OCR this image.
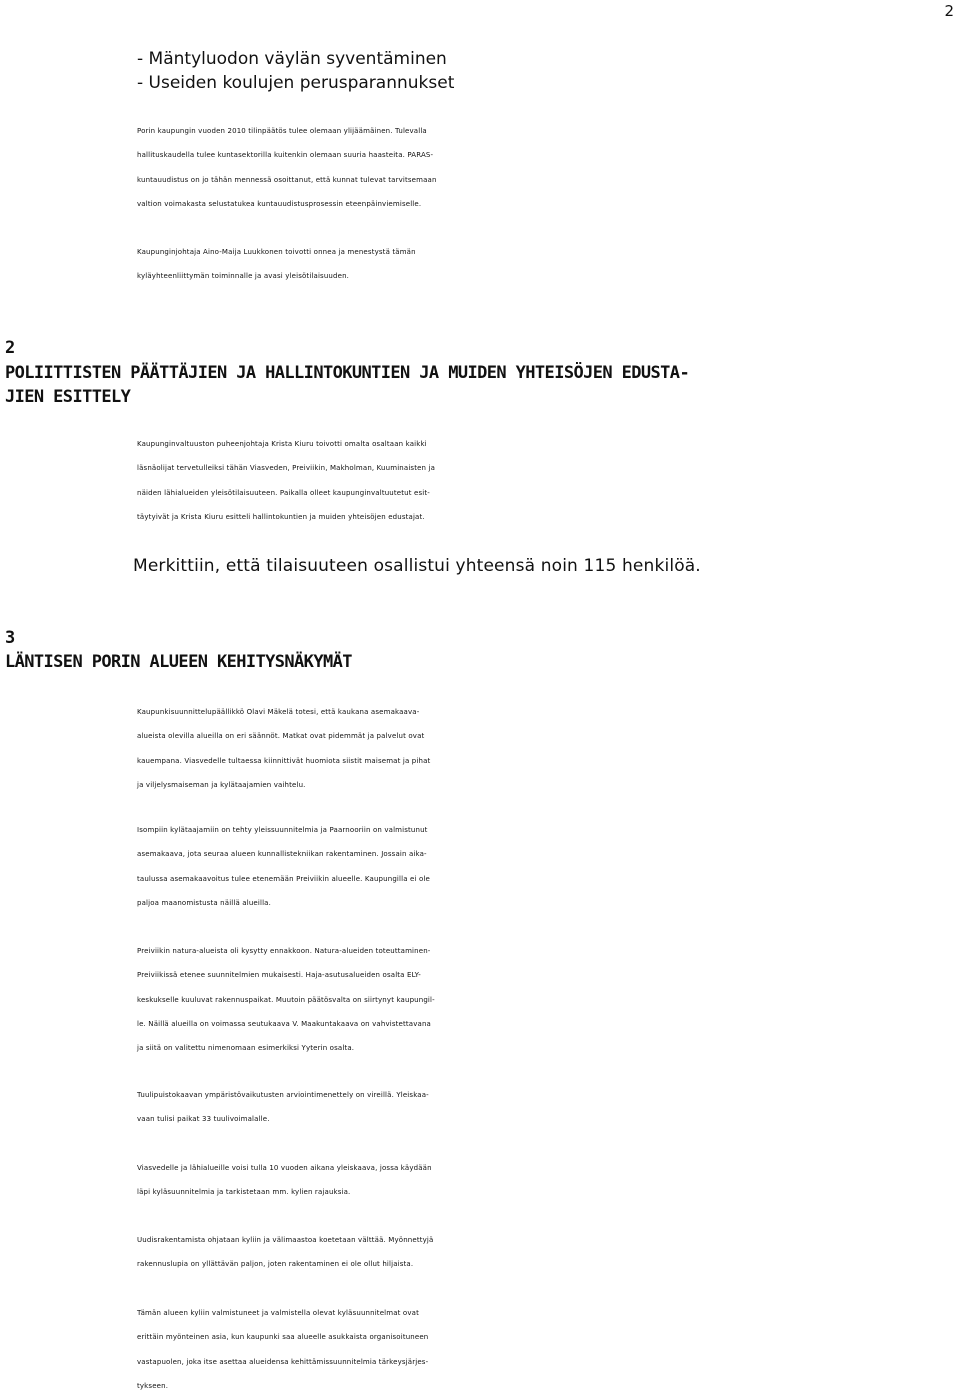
2
- Mäntyluodon väylän syventäminen
- Useiden koulujen perusparannukset
Porin kaupungin vuoden 2010 tilinpäätös tulee olemaan ylijäämäinen. Tulevalla
hallituskaudella tulee kuntasektorilla kuitenkin olemaan suuria haasteita. PARAS-
kuntauudistus on jo tähän mennessä osoittanut, että kunnat tulevat tarvitsemaan
valtion voimakasta selustatukea kuntauudistusprosessin eteenpäinviemiselle.
Kaupunginjohtaja Aino-Maija Luukkonen toivotti onnea ja menestystä tämän
kyläyhteenliittymän toiminnalle ja avasi yleisötilaisuuden.
2
POLIITTISTEN PÄÄTTÄJIEN JA HALLINTOKUNTIEN JA MUIDEN YHTEISÖJEN EDUSTA-
JIEN ESITTELY
Kaupunginvaltuuston puheenjohtaja Krista Kiuru toivotti omalta osaltaan kaikki
läsnäolijat tervetulleiksi tähän Viasveden, Preiviikin, Makholman, Kuuminaisten ja
näiden lähialueiden yleisötilaisuuteen. Paikalla olleet kaupunginvaltuutetut esit-
täytyivät ja Krista Kiuru esitteli hallintokuntien ja muiden yhteisöjen edustajat.
Merkittiin, että tilaisuuteen osallistui yhteensä noin 115 henkilöä.
3
LÄNTISEN PORIN ALUEEN KEHITYSNÄKYMÄT
Kaupunkisuunnittelupäällikkö Olavi Mäkelä totesi, että kaukana asemakaava-
alueista olevilla alueilla on eri säännöt. Matkat ovat pidemmät ja palvelut ovat
kauempana. Viasvedelle tultaessa kiinnittivät huomiota siistit maisemat ja pihat
ja viljelysmaiseman ja kylätaajamien vaihtelu.
Isompiin kylätaajamiin on tehty yleissuunnitelmia ja Paarnooriin on valmistunut
asemakaava, jota seuraa alueen kunnallistekniikan rakentaminen. Jossain aika-
taulussa asemakaavoitus tulee etenemään Preiviikin alueelle. Kaupungilla ei ole
paljoa maanomistusta näillä alueilla.
Preiviikin natura-alueista oli kysytty ennakkoon. Natura-alueiden toteuttaminen-
Preiviikissä etenee suunnitelmien mukaisesti. Haja-asutusalueiden osalta ELY-
keskukselle kuuluvat rakennuspaikat. Muutoin päätösvalta on siirtynyt kaupungil-
le. Näillä alueilla on voimassa seutukaava V. Maakuntakaava on vahvistettavana
ja siitä on valitettu nimenomaan esimerkiksi Yyterin osalta.
Tuulipuistokaavan ympäristövaikutusten arviointimenettely on vireillä. Yleiskaa-
vaan tulisi paikat 33 tuulivoimalalle.
Viasvedelle ja lähialueille voisi tulla 10 vuoden aikana yleiskaava, jossa käydään
läpi kyläsuunnitelmia ja tarkistetaan mm. kylien rajauksia.
Uudisrakentamista ohjataan kyliin ja välimaastoa koetetaan välttää. Myönnettyjä
rakennuslupia on yllättävän paljon, joten rakentaminen ei ole ollut hiljaista.
Tämän alueen kyliin valmistuneet ja valmistella olevat kyläsuunnitelmat ovat
erittäin myönteinen asia, kun kaupunki saa alueelle asukkaista organisoituneen
vastapuolen, joka itse asettaa alueidensa kehittämissuunnitelmia tärkeysjärjes-
tykseen.
